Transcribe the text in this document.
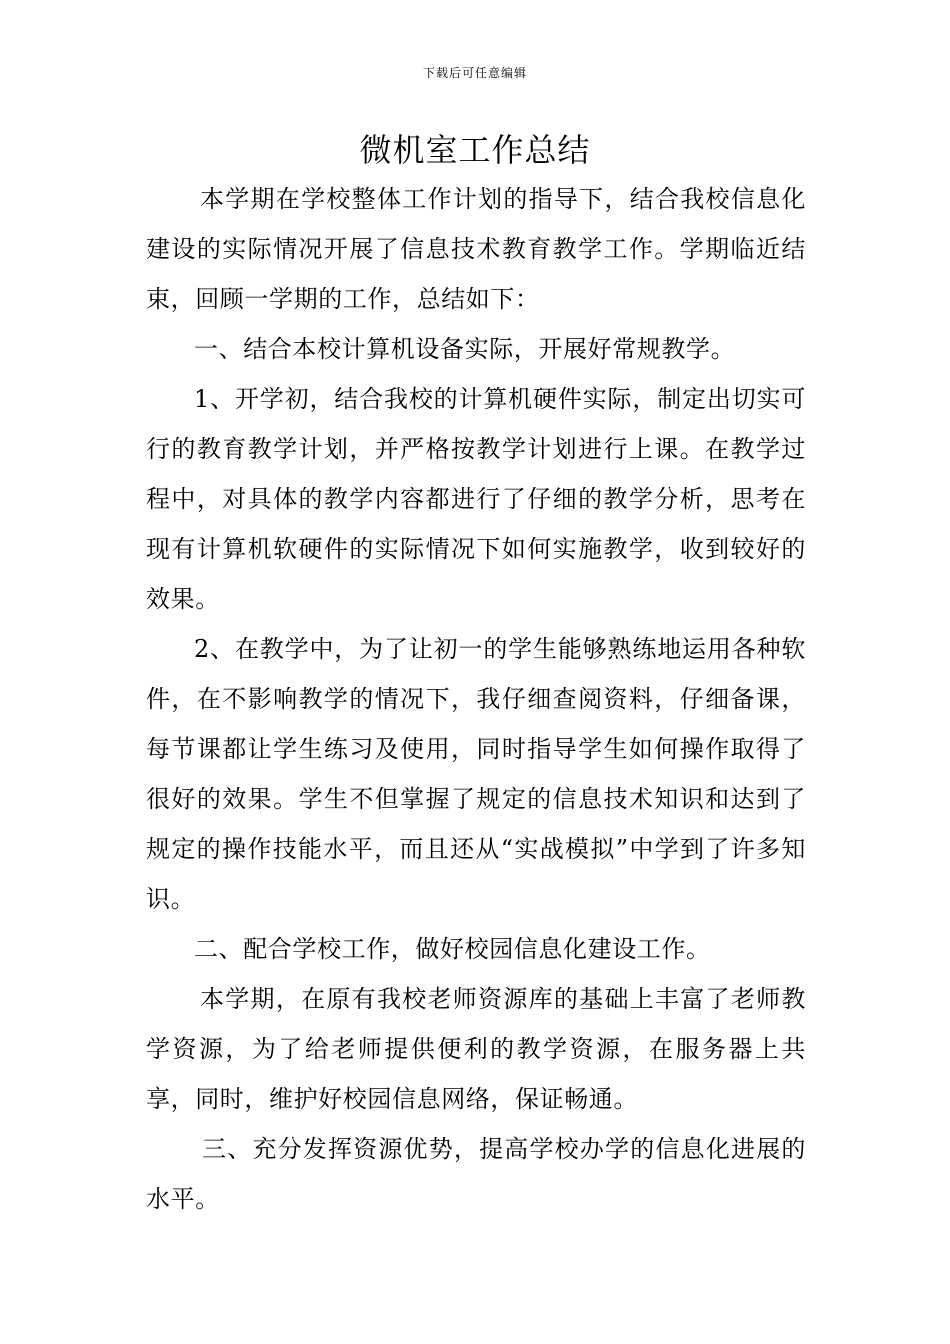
下载后可任意编辑
微机室工作总结

本学期在学校整体工作计划的指导下，结合我校信息化建设的实际情况开展了信息技术教育教学工作。学期临近结束，回顾一学期的工作，总结如下：

一、结合本校计算机设备实际，开展好常规教学。

1、开学初，结合我校的计算机硬件实际，制定出切实可行的教育教学计划，并严格按教学计划进行上课。在教学过程中，对具体的教学内容都进行了仔细的教学分析，思考在现有计算机软硬件的实际情况下如何实施教学，收到较好的效果。

2、在教学中，为了让初一的学生能够熟练地运用各种软件，在不影响教学的情况下，我仔细查阅资料，仔细备课，每节课都让学生练习及使用，同时指导学生如何操作取得了很好的效果。学生不但掌握了规定的信息技术知识和达到了规定的操作技能水平，而且还从“实战模拟”中学到了许多知识。

二、配合学校工作，做好校园信息化建设工作。

本学期，在原有我校老师资源库的基础上丰富了老师教学资源，为了给老师提供便利的教学资源，在服务器上共享，同时，维护好校园信息网络，保证畅通。

三、充分发挥资源优势，提高学校办学的信息化进展的水平。
